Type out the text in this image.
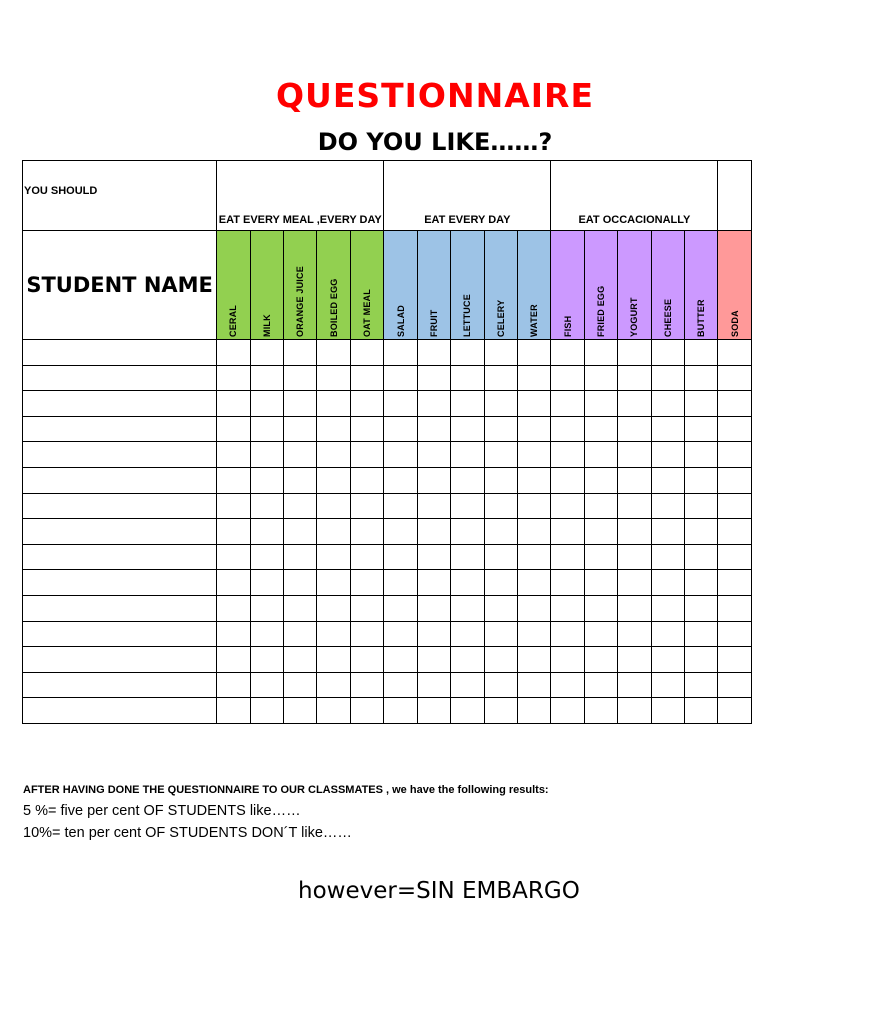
QUESTIONNAIRE
DO YOU LIKE……?
YOU SHOULD	EAT EVERY MEAL ,EVERY DAY					EAT EVERY DAY					EAT OCCACIONALLY					
STUDENT NAME	CERAL	MILK	ORANGE JUICE	BOILED EGG	OAT MEAL	SALAD	FRUIT	LETTUCE	CELERY	WATER	FISH	FRIED EGG	YOGURT	CHEESE	BUTTER	SODA

AFTER HAVING DONE THE QUESTIONNAIRE TO OUR CLASSMATES , we have the following results:
5 %= five per cent OF STUDENTS like……
10%= ten per cent OF STUDENTS DON´T like……
however=SIN EMBARGO
